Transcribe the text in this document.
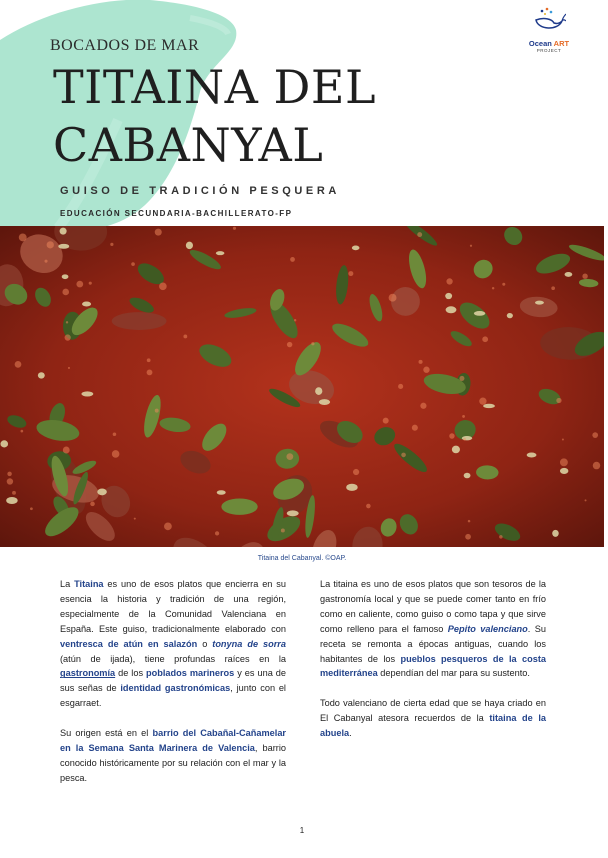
BOCADOS DE MAR
TITAINA DEL
CABANYAL
GUISO DE TRADICIÓN PESQUERA
EDUCACIÓN SECUNDARIA-BACHILLERATO-FP
Ocean ART
PROJECT
Titaina del Cabanyal. ©OAP.

La Titaina es uno de esos platos que encierra en su esencia la historia y tradición de una región, especialmente de la Comunidad Valenciana en España. Este guiso, tradicionalmente elaborado con ventresca de atún en salazón o tonyna de sorra (atún de ijada), tiene profundas raíces en la gastronomía de los poblados marineros y es una de sus señas de identidad gastronómicas, junto con el esgarraet.

Su origen está en el barrio del Cabañal-Cañamelar en la Semana Santa Marinera de Valencia, barrio conocido históricamente por su relación con el mar y la pesca.

La titaina es uno de esos platos que son tesoros de la gastronomía local y que se puede comer tanto en frío como en caliente, como guiso o como tapa y que sirve como relleno para el famoso Pepito valenciano. Su receta se remonta a épocas antiguas, cuando los habitantes de los pueblos pesqueros de la costa mediterránea dependían del mar para su sustento.

Todo valenciano de cierta edad que se haya criado en El Cabanyal atesora recuerdos de la titaina de la abuela.

1
